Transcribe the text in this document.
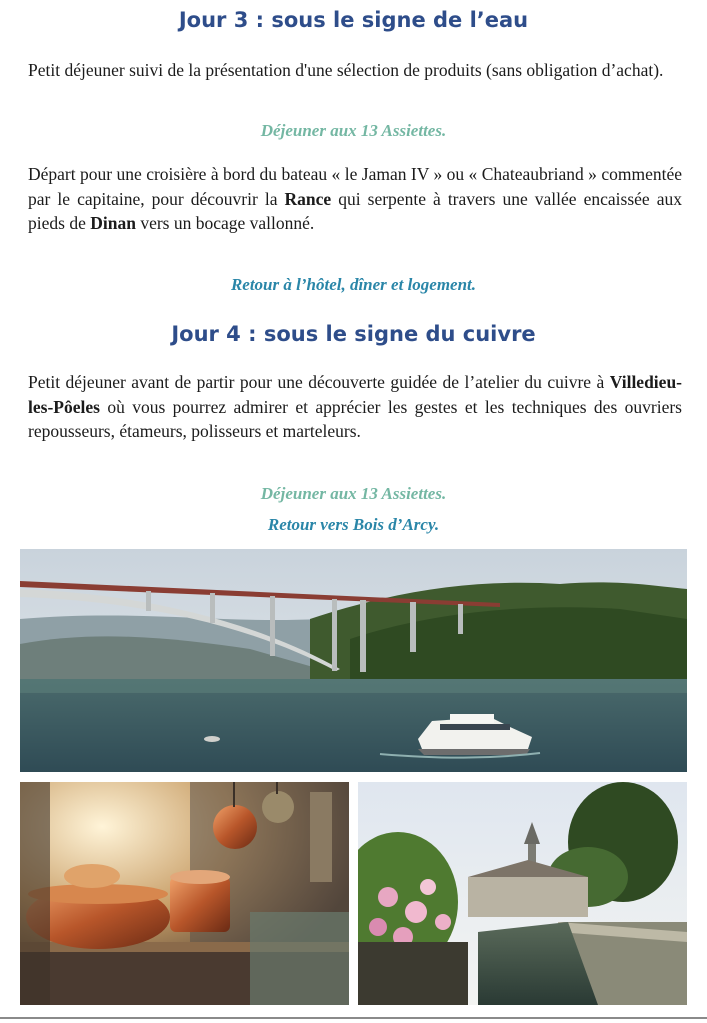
Jour 3 : sous le signe de l’eau

Petit déjeuner suivi de la présentation d'une sélection de produits (sans obligation d’achat).

Déjeuner aux 13 Assiettes.

Départ pour une croisière à bord du bateau « le Jaman IV » ou « Chateaubriand » commentée par le capitaine, pour découvrir la Rance qui serpente à travers une vallée encaissée aux pieds de Dinan vers un bocage vallonné.

Retour à l’hôtel, dîner et logement.

Jour 4 : sous le signe du cuivre

Petit déjeuner avant de partir pour une découverte guidée de l’atelier du cuivre à Villedieu-les-Pôeles où vous pourrez admirer et apprécier les gestes et les techniques des ouvriers repousseurs, étameurs, polisseurs et marteleurs.

Déjeuner aux 13 Assiettes.

Retour vers Bois d’Arcy.
